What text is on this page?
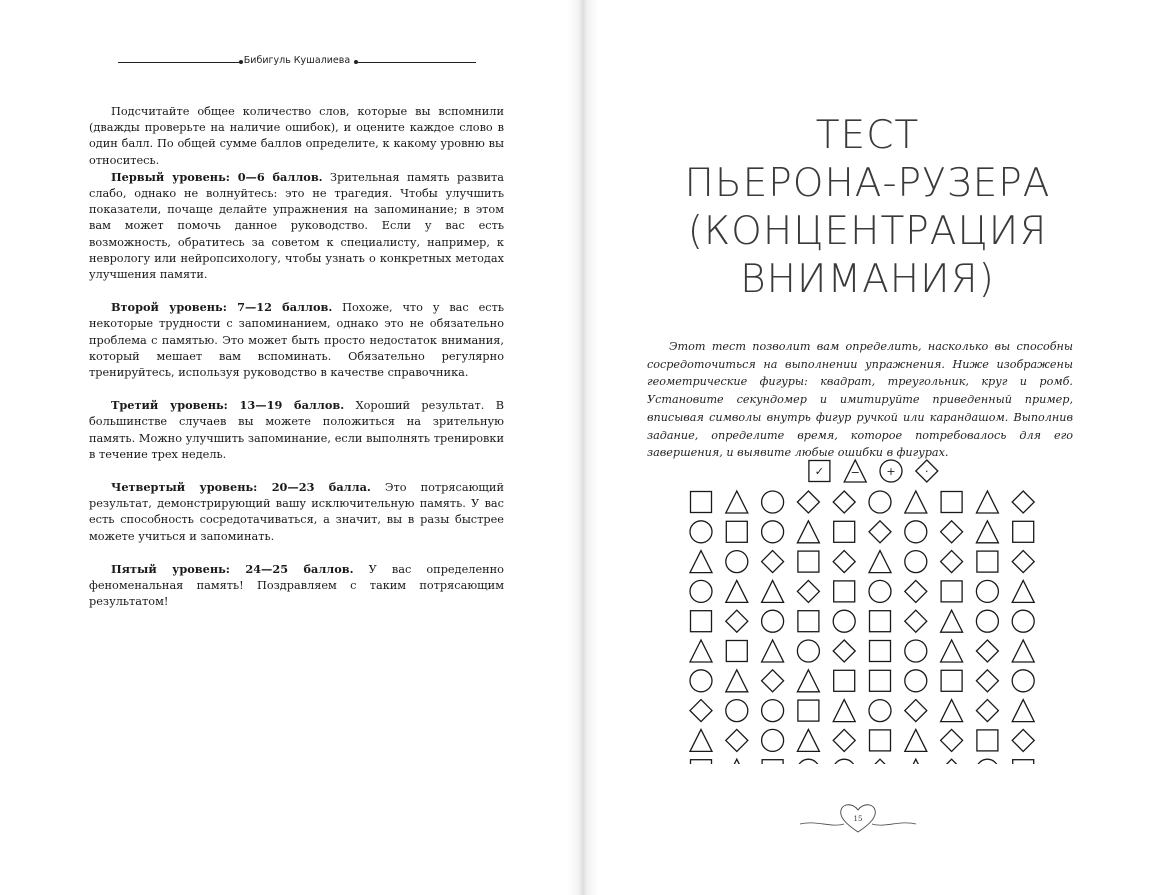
Бибигуль Кушалиева

Подсчитайте общее количество слов, которые вы вспомнили (дважды проверьте на наличие ошибок), и оцените каждое слово в один балл. По общей сумме баллов определите, к какому уровню вы относитесь.

Первый уровень: 0—6 баллов. Зрительная память развита слабо, однако не волнуйтесь: это не трагедия. Чтобы улучшить показатели, почаще делайте упражнения на запоминание; в этом вам может помочь данное руководство. Если у вас есть возможность, обратитесь за советом к специалисту, например, к неврологу или нейропсихологу, чтобы узнать о конкретных методах улучшения памяти.

Второй уровень: 7—12 баллов. Похоже, что у вас есть некоторые трудности с запоминанием, однако это не обязательно проблема с памятью. Это может быть просто недостаток внимания, который мешает вам вспоминать. Обязательно регулярно тренируйтесь, используя руководство в качестве справочника.

Третий уровень: 13—19 баллов. Хороший результат. В большинстве случаев вы можете положиться на зрительную память. Можно улучшить запоминание, если выполнять тренировки в течение трех недель.

Четвертый уровень: 20—23 балла. Это потрясающий результат, демонстрирующий вашу исключительную память. У вас есть способность сосредотачиваться, а значит, вы в разы быстрее можете учиться и запоминать.

Пятый уровень: 24—25 баллов. У вас определенно феноменальная память! Поздравляем с таким потрясающим результатом!

ТЕСТ
ПЬЕРОНА-РУЗЕРА
(КОНЦЕНТРАЦИЯ
ВНИМАНИЯ)
Этот тест позволит вам определить, насколько вы способны сосредоточиться на выполнении упражнения. Ниже изображены геометрические фигуры: квадрат, треугольник, круг и ромб. Установите секундомер и имитируйте приведенный пример, вписывая символы внутрь фигур ручкой или карандашом. Выполнив задание, определите время, которое потребовалось для его завершения, и выявите любые ошибки в фигурах.
✓ − +	·
15
